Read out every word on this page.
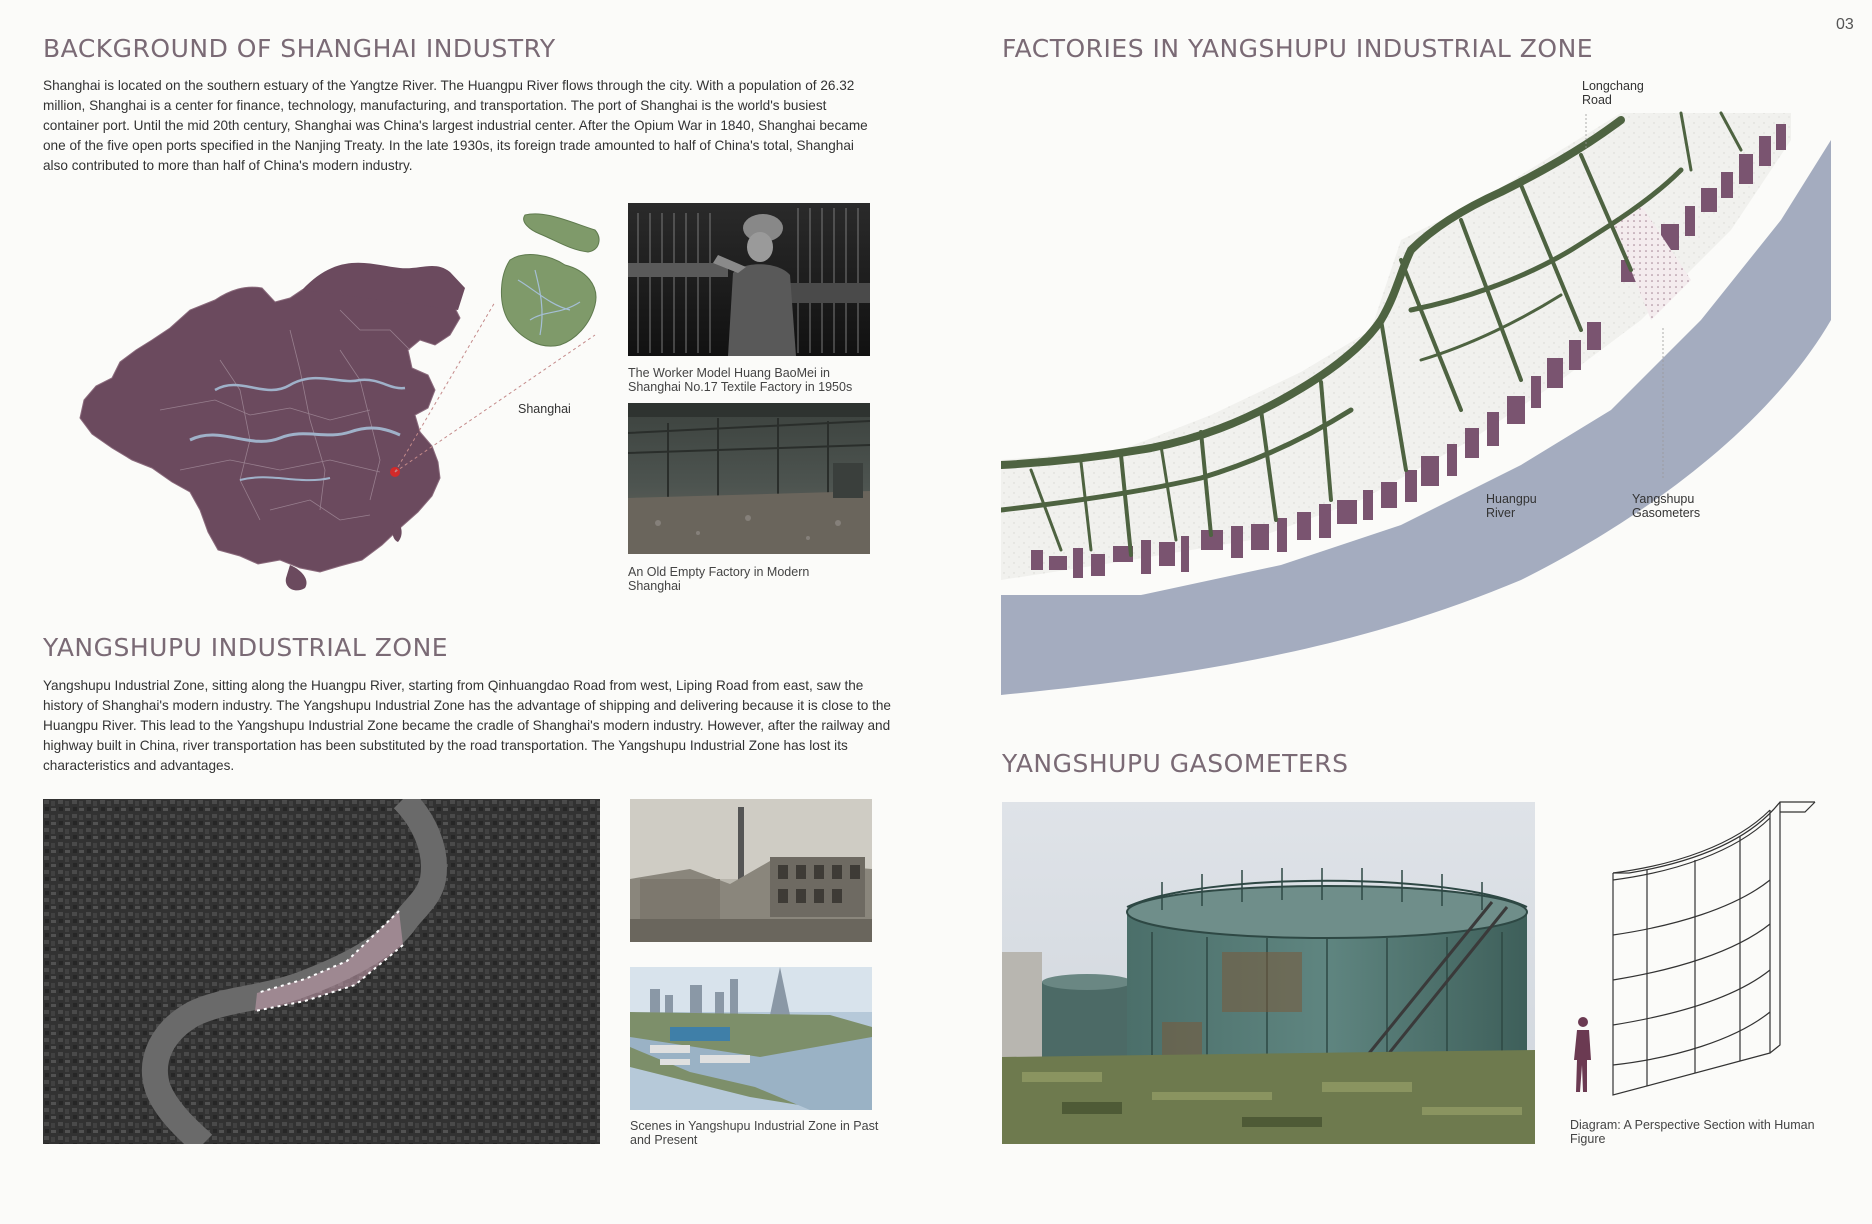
03
BACKGROUND OF SHANGHAI INDUSTRY

Shanghai is located on the southern estuary of the Yangtze River. The Huangpu River flows through the city. With a population of 26.32 million, Shanghai is a center for finance, technology, manufacturing, and transportation. The port of Shanghai is the world's busiest container port. Until the mid 20th century, Shanghai was China's largest industrial center. After the Opium War in 1840, Shanghai became one of the five open ports specified in the Nanjing Treaty. In the late 1930s, its foreign trade amounted to half of China's total, Shanghai also contributed to more than half of China's modern industry.

Shanghai
The Worker Model Huang BaoMei in Shanghai No.17 Textile Factory in 1950s
An Old Empty Factory in Modern Shanghai
YANGSHUPU INDUSTRIAL ZONE

Yangshupu Industrial Zone, sitting along the Huangpu River, starting from Qinhuangdao Road from west, Liping Road from east, saw the history of Shanghai's modern industry. The Yangshupu Industrial Zone has the advantage of shipping and delivering because it is close to the Huangpu River. This lead to the Yangshupu Industrial Zone became the cradle of Shanghai's modern industry. However, after the railway and highway built in China, river transportation has been substituted by the road transportation. The Yangshupu Industrial Zone has lost its characteristics and advantages.

Scenes in Yangshupu Industrial Zone in Past and Present
FACTORIES IN YANGSHUPU INDUSTRIAL ZONE
Longchang Road
Huangpu River
Yangshupu Gasometers
YANGSHUPU GASOMETERS
Diagram: A Perspective Section with Human Figure
